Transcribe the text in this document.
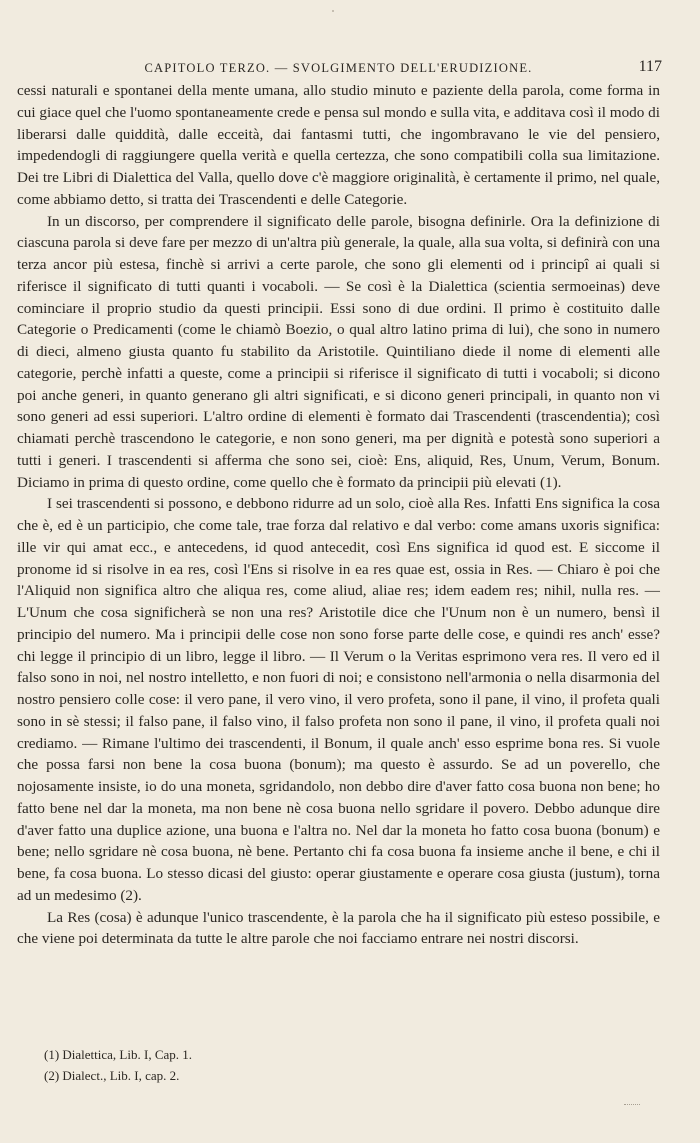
CAPITOLO TERZO. — SVOLGIMENTO DELL'ERUDIZIONE.	117

cessi naturali e spontanei della mente umana, allo studio minuto e paziente della parola, come forma in cui giace quel che l'uomo spontaneamente crede e pensa sul mondo e sulla vita, e additava così il modo di liberarsi dalle quiddità, dalle ecceità, dai fantasmi tutti, che ingombravano le vie del pensiero, impedendogli di raggiungere quella verità e quella certezza, che sono compatibili colla sua limitazione. Dei tre Libri di Dialettica del Valla, quello dove c'è maggiore originalità, è certamente il primo, nel quale, come abbiamo detto, si tratta dei Trascendenti e delle Categorie.

In un discorso, per comprendere il significato delle parole, bisogna definirle. Ora la definizione di ciascuna parola si deve fare per mezzo di un'altra più generale, la quale, alla sua volta, si definirà con una terza ancor più estesa, finchè si arrivi a certe parole, che sono gli elementi od i principî ai quali si riferisce il significato di tutti quanti i vocaboli. — Se così è la Dialettica (scientia sermoeinas) deve cominciare il proprio studio da questi principii. Essi sono di due ordini. Il primo è costituito dalle Categorie o Predicamenti (come le chiamò Boezio, o qual altro latino prima di lui), che sono in numero di dieci, almeno giusta quanto fu stabilito da Aristotile. Quintiliano diede il nome di elementi alle categorie, perchè infatti a queste, come a principii si riferisce il significato di tutti i vocaboli; si dicono poi anche generi, in quanto generano gli altri significati, e si dicono generi principali, in quanto non vi sono generi ad essi superiori. L'altro ordine di elementi è formato dai Trascendenti (trascendentia); così chiamati perchè trascendono le categorie, e non sono generi, ma per dignità e potestà sono superiori a tutti i generi. I trascendenti si afferma che sono sei, cioè: Ens, aliquid, Res, Unum, Verum, Bonum. Diciamo in prima di questo ordine, come quello che è formato da principii più elevati (1).

I sei trascendenti si possono, e debbono ridurre ad un solo, cioè alla Res. Infatti Ens significa la cosa che è, ed è un participio, che come tale, trae forza dal relativo e dal verbo: come amans uxoris significa: ille vir qui amat ecc., e antecedens, id quod antecedit, così Ens significa id quod est. E siccome il pronome id si risolve in ea res, così l'Ens si risolve in ea res quae est, ossia in Res. — Chiaro è poi che l'Aliquid non significa altro che aliqua res, come aliud, aliae res; idem eadem res; nihil, nulla res. — L'Unum che cosa significherà se non una res? Aristotile dice che l'Unum non è un numero, bensì il principio del numero. Ma i principii delle cose non sono forse parte delle cose, e quindi res anch' esse? chi legge il principio di un libro, legge il libro. — Il Verum o la Veritas esprimono vera res. Il vero ed il falso sono in noi, nel nostro intelletto, e non fuori di noi; e consistono nell'armonia o nella disarmonia del nostro pensiero colle cose: il vero pane, il vero vino, il vero profeta, sono il pane, il vino, il profeta quali sono in sè stessi; il falso pane, il falso vino, il falso profeta non sono il pane, il vino, il profeta quali noi crediamo. — Rimane l'ultimo dei trascendenti, il Bonum, il quale anch' esso esprime bona res. Si vuole che possa farsi non bene la cosa buona (bonum); ma questo è assurdo. Se ad un poverello, che nojosamente insiste, io do una moneta, sgridandolo, non debbo dire d'aver fatto cosa buona non bene; ho fatto bene nel dar la moneta, ma non bene nè cosa buona nello sgridare il povero. Debbo adunque dire d'aver fatto una duplice azione, una buona e l'altra no. Nel dar la moneta ho fatto cosa buona (bonum) e bene; nello sgridare nè cosa buona, nè bene. Pertanto chi fa cosa buona fa insieme anche il bene, e chi il bene, fa cosa buona. Lo stesso dicasi del giusto: operar giustamente e operare cosa giusta (justum), torna ad un medesimo (2).

La Res (cosa) è adunque l'unico trascendente, è la parola che ha il significato più esteso possibile, e che viene poi determinata da tutte le altre parole che noi facciamo entrare nei nostri discorsi.

(1) Dialettica, Lib. I, Cap. 1.
(2) Dialect., Lib. I, cap. 2.
